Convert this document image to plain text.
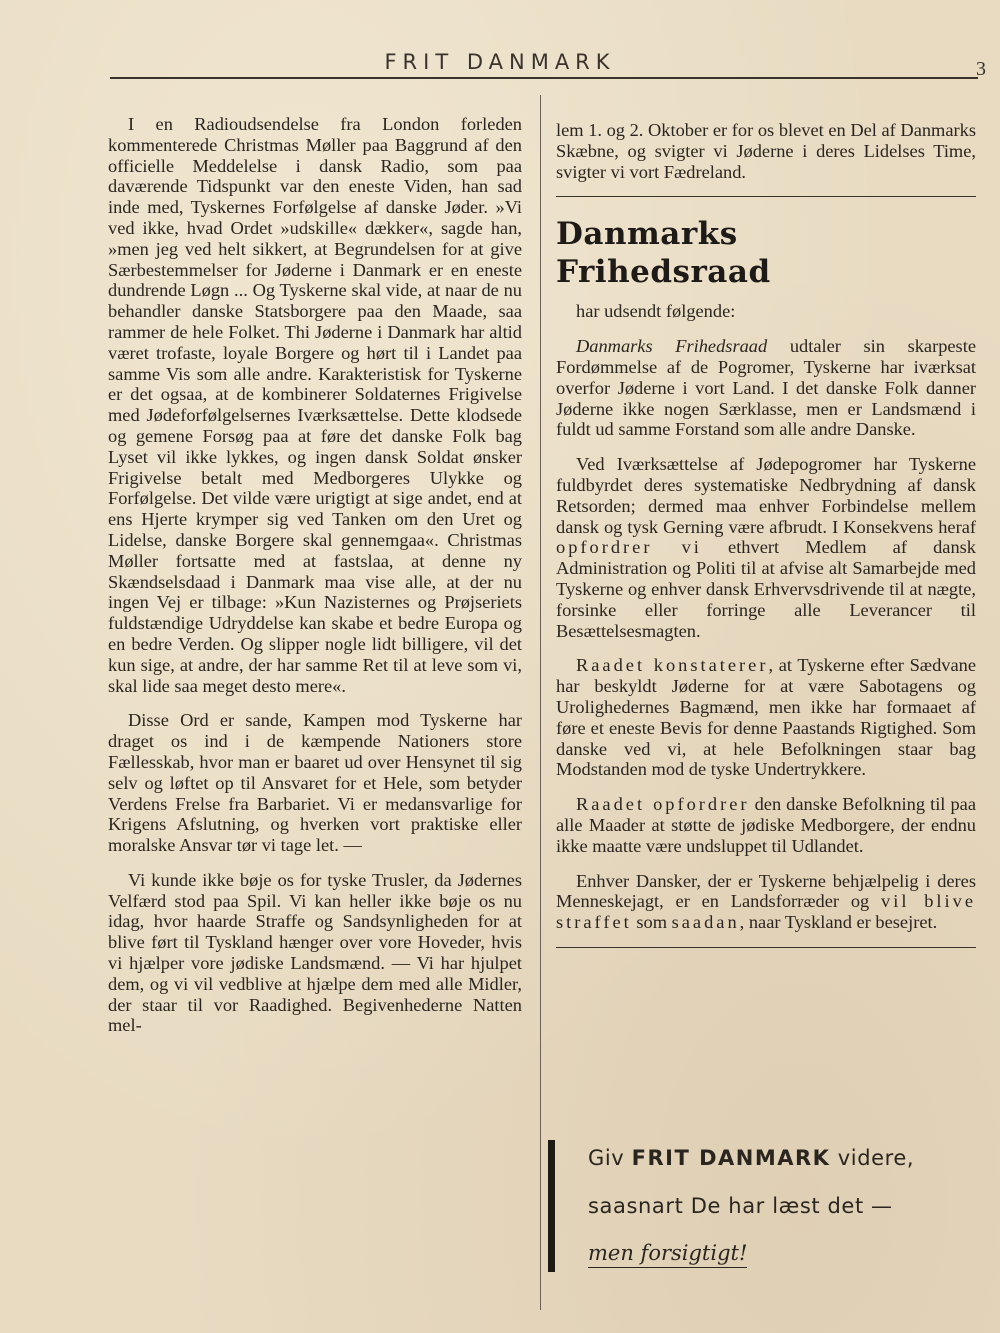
FRIT DANMARK	3

I en Radioudsendelse fra London forleden kommenterede Christmas Møller paa Baggrund af den officielle Meddelelse i dansk Radio, som paa daværende Tidspunkt var den eneste Viden, han sad inde med, Tyskernes Forfølgelse af danske Jøder. »Vi ved ikke, hvad Ordet »udskille« dækker«, sagde han, »men jeg ved helt sikkert, at Begrundelsen for at give Særbestemmelser for Jøderne i Danmark er en eneste dundrende Løgn ... Og Tyskerne skal vide, at naar de nu behandler danske Statsborgere paa den Maade, saa rammer de hele Folket. Thi Jøderne i Danmark har altid været trofaste, loyale Borgere og hørt til i Landet paa samme Vis som alle andre. Karakteristisk for Tyskerne er det ogsaa, at de kombinerer Soldaternes Frigivelse med Jødeforfølgelsernes Iværksættelse. Dette klodsede og gemene Forsøg paa at føre det danske Folk bag Lyset vil ikke lykkes, og ingen dansk Soldat ønsker Frigivelse betalt med Medborgeres Ulykke og Forfølgelse. Det vilde være urigtigt at sige andet, end at ens Hjerte krymper sig ved Tanken om den Uret og Lidelse, danske Borgere skal gennemgaa«. Christmas Møller fortsatte med at fastslaa, at denne ny Skændselsdaad i Danmark maa vise alle, at der nu ingen Vej er tilbage: »Kun Nazisternes og Prøjseriets fuldstændige Udryddelse kan skabe et bedre Europa og en bedre Verden. Og slipper nogle lidt billigere, vil det kun sige, at andre, der har samme Ret til at leve som vi, skal lide saa meget desto mere«.

Disse Ord er sande, Kampen mod Tyskerne har draget os ind i de kæmpende Nationers store Fællesskab, hvor man er baaret ud over Hensynet til sig selv og løftet op til Ansvaret for et Hele, som betyder Verdens Frelse fra Barbariet. Vi er medansvarlige for Krigens Afslutning, og hverken vort praktiske eller moralske Ansvar tør vi tage let. —

Vi kunde ikke bøje os for tyske Trusler, da Jødernes Velfærd stod paa Spil. Vi kan heller ikke bøje os nu idag, hvor haarde Straffe og Sandsynligheden for at blive ført til Tyskland hænger over vore Hoveder, hvis vi hjælper vore jødiske Landsmænd. — Vi har hjulpet dem, og vi vil vedblive at hjælpe dem med alle Midler, der staar til vor Raadighed. Begivenhederne Natten mel-

lem 1. og 2. Oktober er for os blevet en Del af Danmarks Skæbne, og svigter vi Jøderne i deres Lidelses Time, svigter vi vort Fædreland.

Danmarks
Frihedsraad

har udsendt følgende:

Danmarks Frihedsraad udtaler sin skarpeste Fordømmelse af de Pogromer, Tyskerne har iværksat overfor Jøderne i vort Land. I det danske Folk danner Jøderne ikke nogen Særklasse, men er Landsmænd i fuldt ud samme Forstand som alle andre Danske.

Ved Iværksættelse af Jødepogromer har Tyskerne fuldbyrdet deres systematiske Nedbrydning af dansk Retsorden; dermed maa enhver Forbindelse mellem dansk og tysk Gerning være afbrudt. I Konsekvens heraf opfordrer vi ethvert Medlem af dansk Administration og Politi til at afvise alt Samarbejde med Tyskerne og enhver dansk Erhvervsdrivende til at nægte, forsinke eller forringe alle Leverancer til Besættelsesmagten.

Raadet konstaterer, at Tyskerne efter Sædvane har beskyldt Jøderne for at være Sabotagens og Urolighedernes Bagmænd, men ikke har formaaet af føre et eneste Bevis for denne Paastands Rigtighed. Som danske ved vi, at hele Befolkningen staar bag Modstanden mod de tyske Undertrykkere.

Raadet opfordrer den danske Befolkning til paa alle Maader at støtte de jødiske Medborgere, der endnu ikke maatte være undsluppet til Udlandet.

Enhver Dansker, der er Tyskerne behjælpelig i deres Menneskejagt, er en Landsforræder og vil blive straffet som saadan, naar Tyskland er besejret.

Giv FRIT DANMARK videre,
saasnart De har læst det —
men forsigtigt!
